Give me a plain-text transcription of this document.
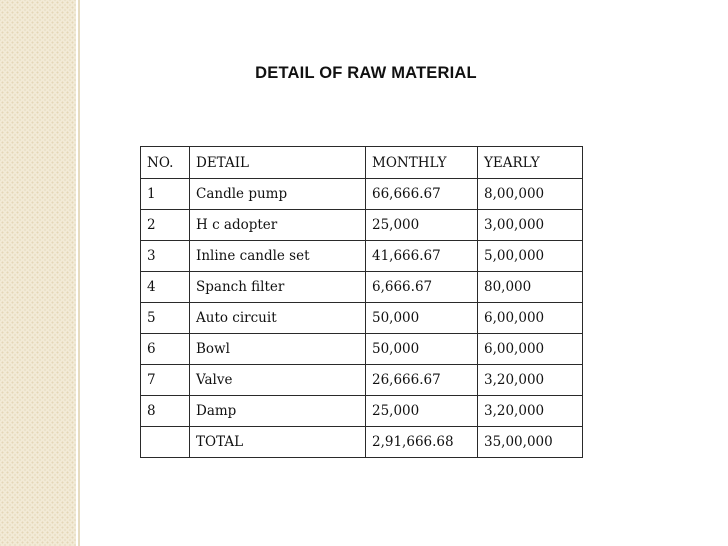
DETAIL OF RAW MATERIAL
NO.	DETAIL	MONTHLY	YEARLY
1	Candle pump	66,666.67	8,00,000
2	H c adopter	25,000	3,00,000
3	Inline candle set	41,666.67	5,00,000
4	Spanch filter	6,666.67	80,000
5	Auto circuit	50,000	6,00,000
6	Bowl	50,000	6,00,000
7	Valve	26,666.67	3,20,000
8	Damp	25,000	3,20,000
	TOTAL	2,91,666.68	35,00,000
